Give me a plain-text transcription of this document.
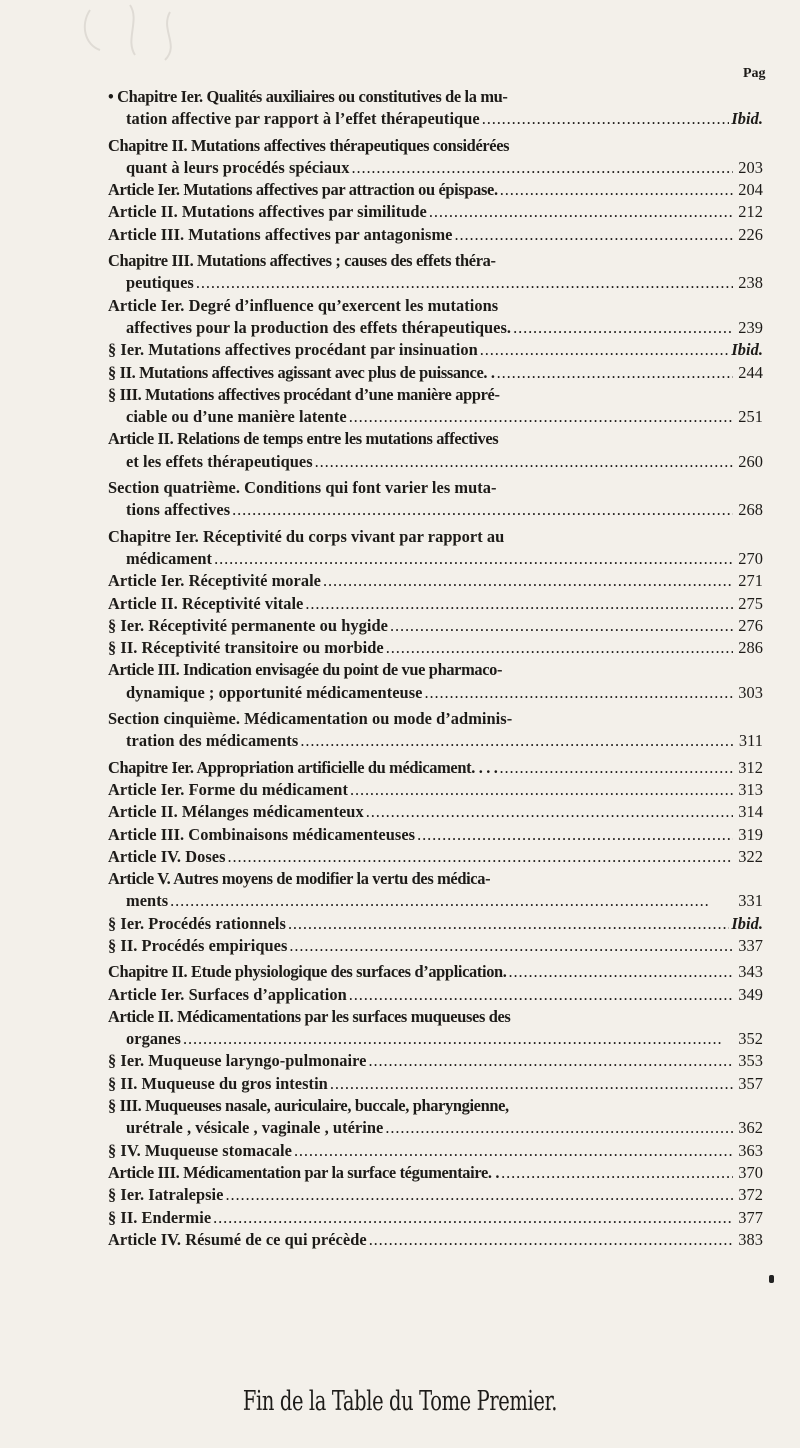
Pag
• Chapitre Ier. Qualités auxiliaires ou constitutives de la mu-
tation affective par rapport à l’effet thérapeutique . . .	Ibid.
Chapitre II. Mutations affectives thérapeutiques considérées
quant à leurs procédés spéciaux . . .	203
Article Ier. Mutations affectives par attraction ou épispase. . . .	204
Article II. Mutations affectives par similitude . . .	212
Article III. Mutations affectives par antagonisme . . .	226
Chapitre III. Mutations affectives ; causes des effets théra-
peutiques . . .	238
Article Ier. Degré d’influence qu’exercent les mutations
affectives pour la production des effets thérapeutiques. . . .	239
§ Ier. Mutations affectives procédant par insinuation . . .	Ibid.
§ II. Mutations affectives agissant avec plus de puissance. . . . .	244
§ III. Mutations affectives procédant d’une manière appré-
ciable ou d’une manière latente . . .	251
Article II. Relations de temps entre les mutations affectives
et les effets thérapeutiques . . .	260
Section quatrième. Conditions qui font varier les muta-
tions affectives . . .	268
Chapitre Ier. Réceptivité du corps vivant par rapport au
médicament . . .	270
Article Ier. Réceptivité morale . . .	271
Article II. Réceptivité vitale . . .	275
§ Ier. Réceptivité permanente ou hygide . . .	276
§ II. Réceptivité transitoire ou morbide . . .	286
Article III. Indication envisagée du point de vue pharmaco-
dynamique ; opportunité médicamenteuse . . .	303
Section cinquième. Médicamentation ou mode d’adminis-
tration des médicaments . . .	311
Chapitre Ier. Appropriation artificielle du médicament. . . . . . .	312
Article Ier. Forme du médicament . . .	313
Article II. Mélanges médicamenteux . . .	314
Article III. Combinaisons médicamenteuses . . .	319
Article IV. Doses . . .	322
Article V. Autres moyens de modifier la vertu des médica-
ments . . .	331
§ Ier. Procédés rationnels . . .	Ibid.
§ II. Procédés empiriques . . .	337
Chapitre II. Etude physiologique des surfaces d’application. . . .	343
Article Ier. Surfaces d’application . . .	349
Article II. Médicamentations par les surfaces muqueuses des
organes . . .	352
§ Ier. Muqueuse laryngo-pulmonaire . . .	353
§ II. Muqueuse du gros intestin . . .	357
§ III. Muqueuses nasale, auriculaire, buccale, pharyngienne,
urétrale , vésicale , vaginale , utérine . . .	362
§ IV. Muqueuse stomacale . . .	363
Article III. Médicamentation par la surface tégumentaire. . . . .	370
§ Ier. Iatralepsie . . .	372
§ II. Endermie . . .	377
Article IV. Résumé de ce qui précède . . .	383
Fin de la Table du Tome Premier.
